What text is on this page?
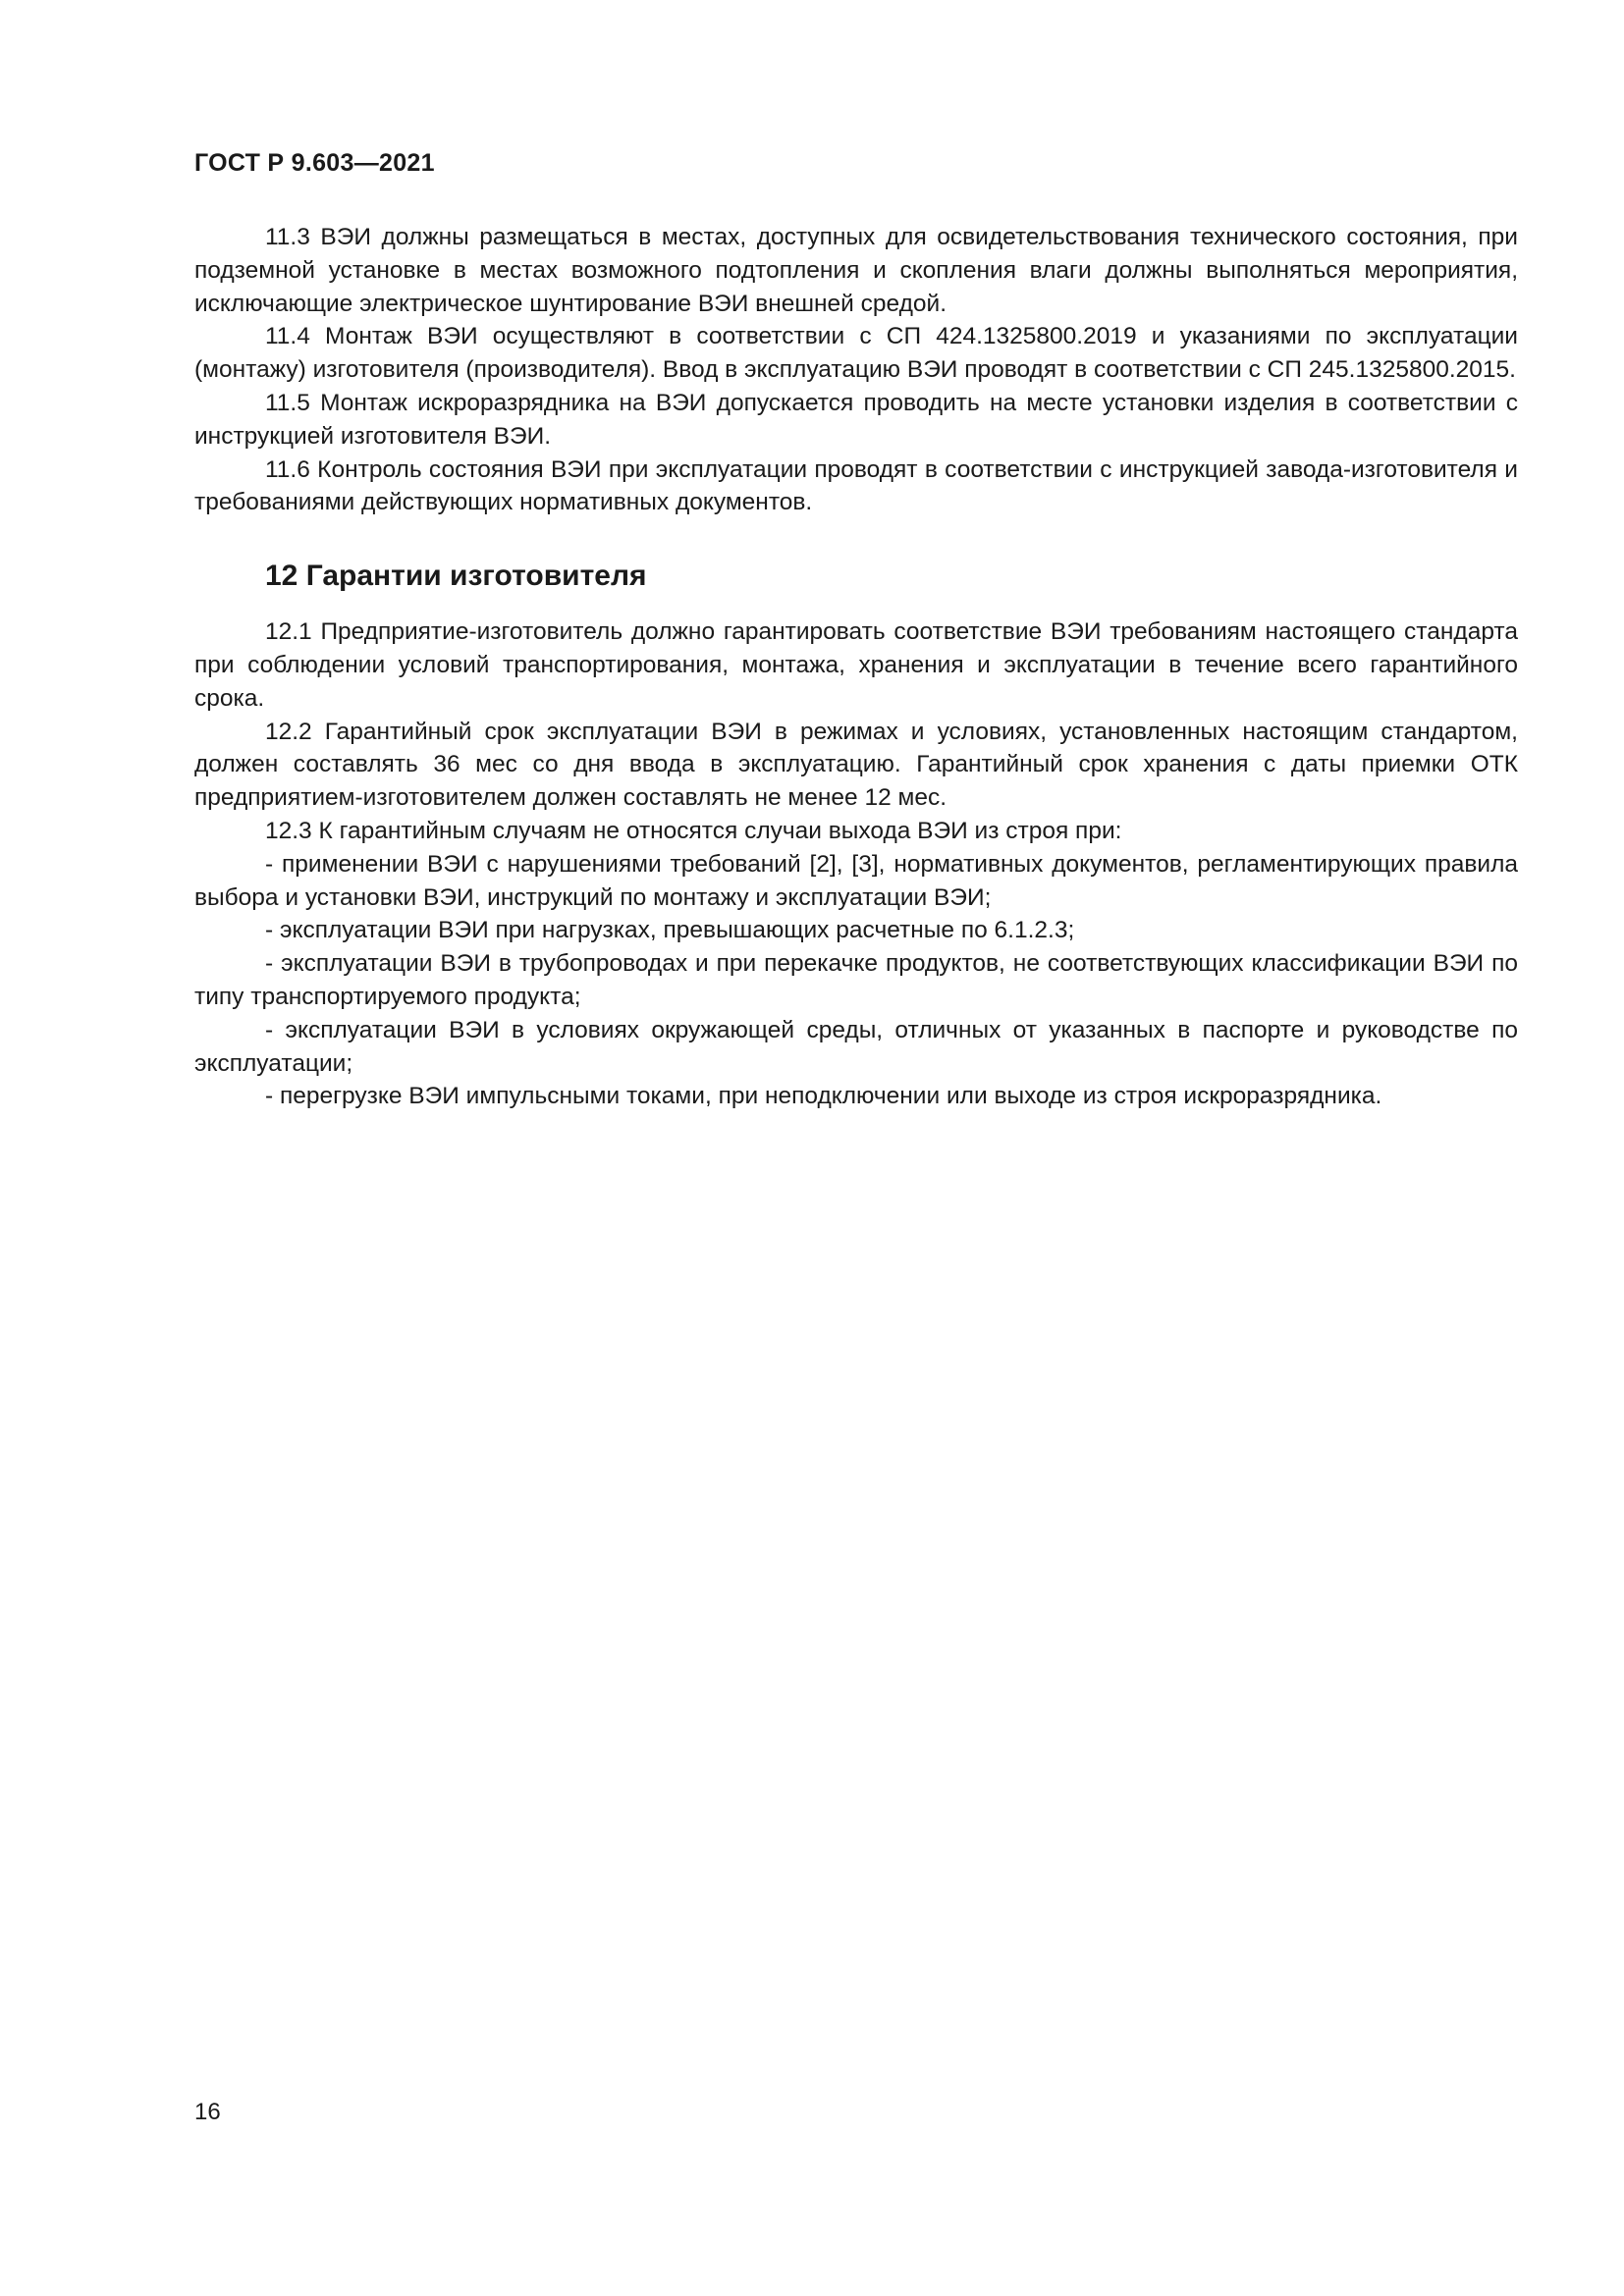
ГОСТ Р 9.603—2021

11.3 ВЭИ должны размещаться в местах, доступных для освидетельствования технического состояния, при подземной установке в местах возможного подтопления и скопления влаги должны выполняться мероприятия, исключающие электрическое шунтирование ВЭИ внешней средой.

11.4 Монтаж ВЭИ осуществляют в соответствии с СП 424.1325800.2019 и указаниями по эксплуатации (монтажу) изготовителя (производителя). Ввод в эксплуатацию ВЭИ проводят в соответствии с СП 245.1325800.2015.

11.5 Монтаж искроразрядника на ВЭИ допускается проводить на месте установки изделия в соответствии с инструкцией изготовителя ВЭИ.

11.6 Контроль состояния ВЭИ при эксплуатации проводят в соответствии с инструкцией завода-изготовителя и требованиями действующих нормативных документов.

12 Гарантии изготовителя

12.1 Предприятие-изготовитель должно гарантировать соответствие ВЭИ требованиям настоящего стандарта при соблюдении условий транспортирования, монтажа, хранения и эксплуатации в течение всего гарантийного срока.

12.2 Гарантийный срок эксплуатации ВЭИ в режимах и условиях, установленных настоящим стандартом, должен составлять 36 мес со дня ввода в эксплуатацию. Гарантийный срок хранения с даты приемки ОТК предприятием-изготовителем должен составлять не менее 12 мес.

12.3 К гарантийным случаям не относятся случаи выхода ВЭИ из строя при:

- применении ВЭИ с нарушениями требований [2], [3], нормативных документов, регламентирующих правила выбора и установки ВЭИ, инструкций по монтажу и эксплуатации ВЭИ;

- эксплуатации ВЭИ при нагрузках, превышающих расчетные по 6.1.2.3;

- эксплуатации ВЭИ в трубопроводах и при перекачке продуктов, не соответствующих классификации ВЭИ по типу транспортируемого продукта;

- эксплуатации ВЭИ в условиях окружающей среды, отличных от указанных в паспорте и руководстве по эксплуатации;

- перегрузке ВЭИ импульсными токами, при неподключении или выходе из строя искроразрядника.

16
